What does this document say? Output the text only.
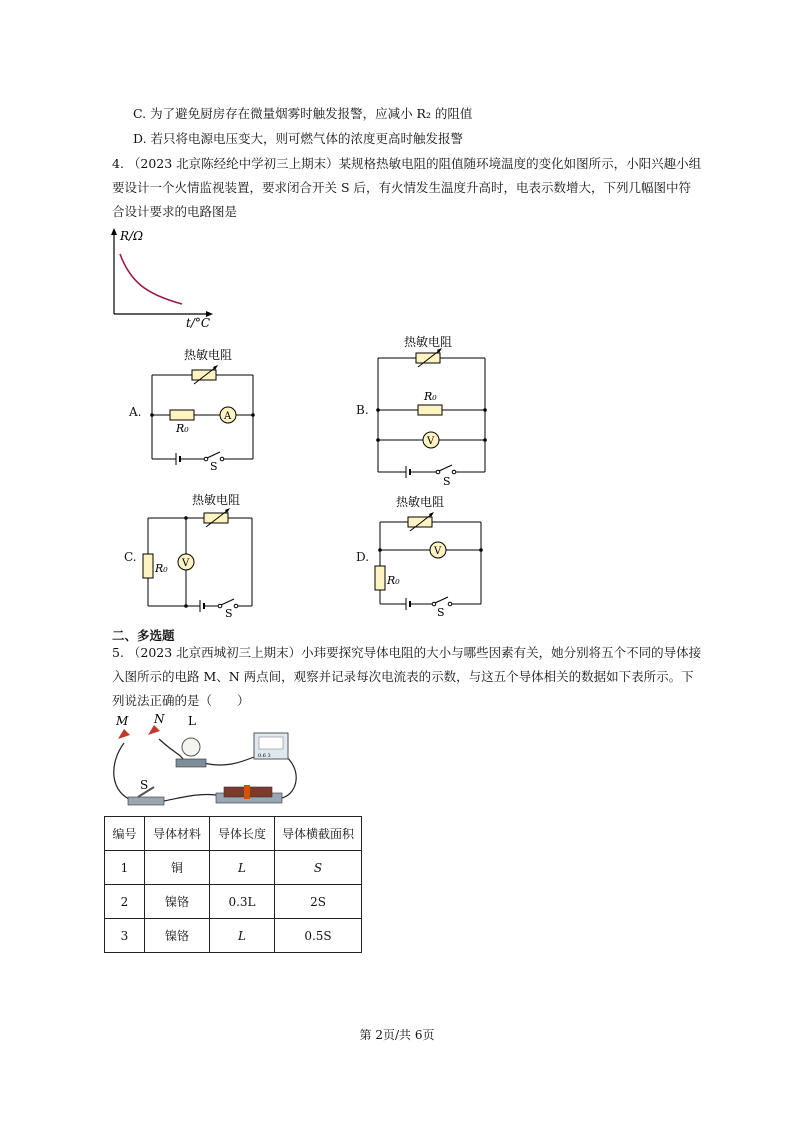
C. 为了避免厨房存在微量烟雾时触发报警，应减小 R₂ 的阻值
D. 若只将电源电压变大，则可燃气体的浓度更高时触发报警
4. （2023 北京陈经纶中学初三上期末）某规格热敏电阻的阻值随环境温度的变化如图所示，小阳兴趣小组
要设计一个火情监视装置，要求闭合开关 S 后，有火情发生温度升高时，电表示数增大，下列几幅图中符
合设计要求的电路图是
R/Ω
t/°C
A.
热敏电阻
A
R₀
S
B.
热敏电阻
R₀
V
S
C.
热敏电阻
R₀ V
S
D.
热敏电阻
V
R₀
S
二、多选题
5. （2023 北京西城初三上期末）小玮要探究导体电阻的大小与哪些因素有关，她分别将五个不同的导体接
入图所示的电路 M、N 两点间，观察并记录每次电流表的示数，与这五个导体相关的数据如下表所示。下
列说法正确的是（　　）
M N L
0.6 3
S
编号	导体材料	导体长度	导体横截面积
1	铜	L	S
2	镍铬	0.3L	2S
3	镍铬	L	0.5S
第 2页/共 6页
